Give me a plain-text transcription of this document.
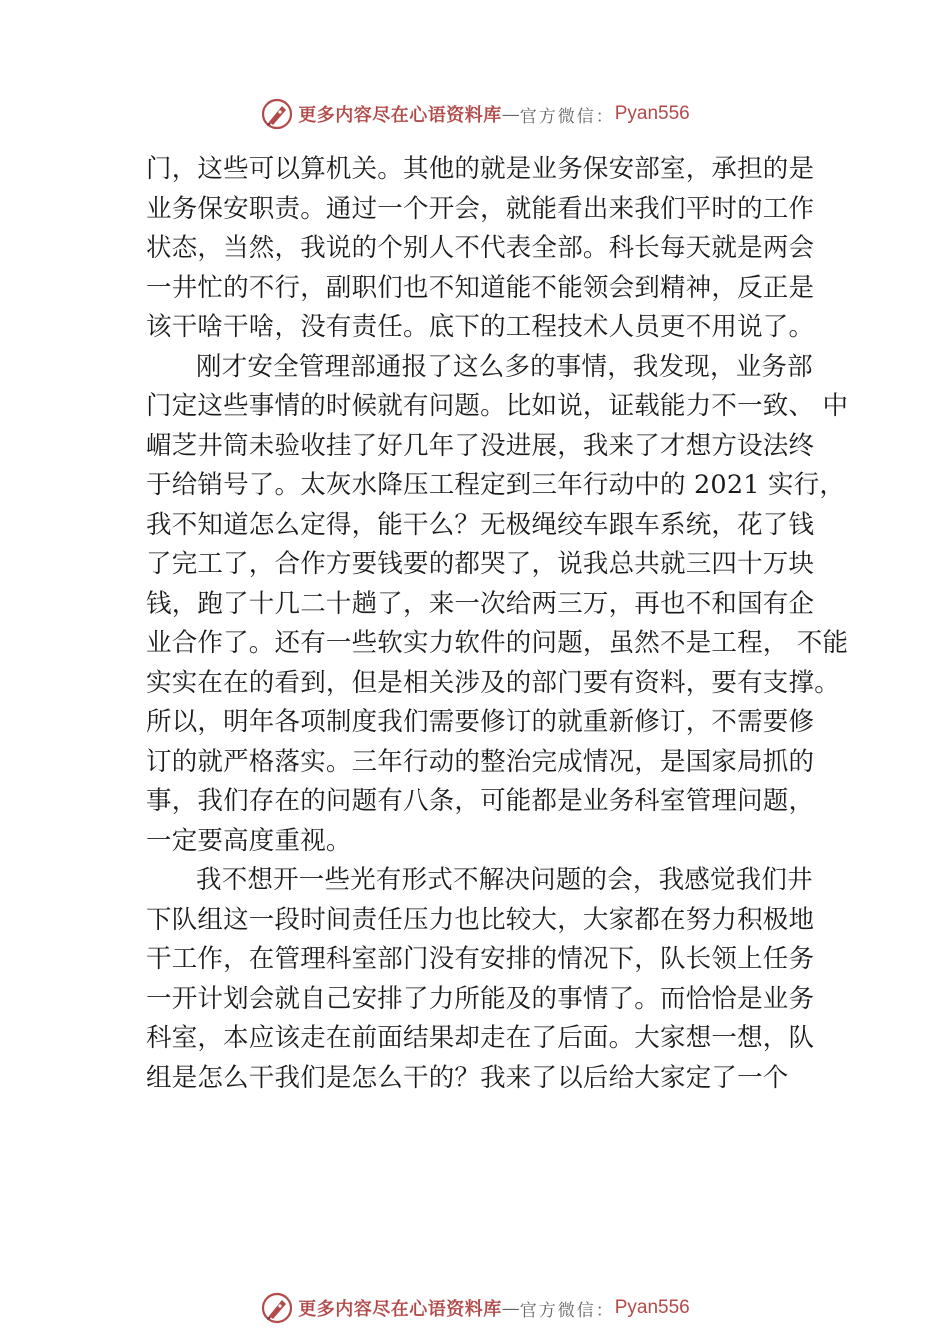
更多内容尽在心语资料库 — 官方微信： Pyan556
门，这些可以算机关。其他的就是业务保安部室，承担的是
业务保安职责。通过一个开会，就能看出来我们平时的工作
状态，当然，我说的个别人不代表全部。科长每天就是两会
一井忙的不行，副职们也不知道能不能领会到精神，反正是
该干啥干啥，没有责任。底下的工程技术人员更不用说了。
刚才安全管理部通报了这么多的事情，我发现，业务部
门定这些事情的时候就有问题。比如说，证载能力不一致、 中
嵋芝井筒未验收挂了好几年了没进展，我来了才想方设法终
于给销号了。太灰水降压工程定到三年行动中的 2021 实行，
我不知道怎么定得，能干么？无极绳绞车跟车系统，花了钱
了完工了，合作方要钱要的都哭了，说我总共就三四十万块
钱，跑了十几二十趟了，来一次给两三万，再也不和国有企
业合作了。还有一些软实力软件的问题，虽然不是工程， 不能
实实在在的看到，但是相关涉及的部门要有资料，要有支撑。
所以，明年各项制度我们需要修订的就重新修订，不需要修
订的就严格落实。三年行动的整治完成情况，是国家局抓的
事，我们存在的问题有八条，可能都是业务科室管理问题，
一定要高度重视。
我不想开一些光有形式不解决问题的会，我感觉我们井
下队组这一段时间责任压力也比较大，大家都在努力积极地
干工作，在管理科室部门没有安排的情况下，队长领上任务
一开计划会就自己安排了力所能及的事情了。而恰恰是业务
科室，本应该走在前面结果却走在了后面。大家想一想，队
组是怎么干我们是怎么干的？我来了以后给大家定了一个
更多内容尽在心语资料库 — 官方微信： Pyan556
